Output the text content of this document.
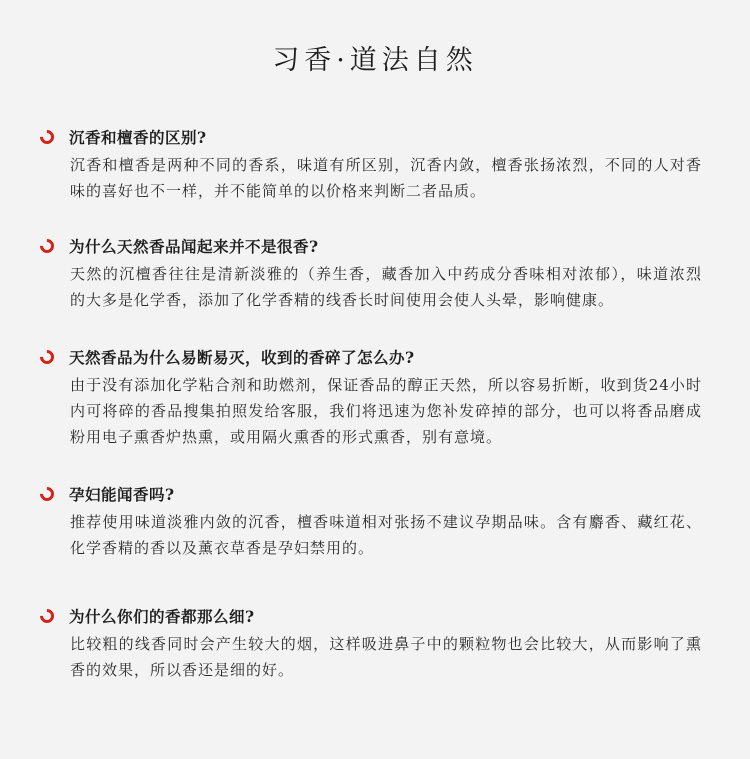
习香·道法自然
沉香和檀香的区别?
沉香和檀香是两种不同的香系，味道有所区别，沉香内敛，檀香张扬浓烈，不同的人对香味的喜好也不一样，并不能简单的以价格来判断二者品质。
为什么天然香品闻起来并不是很香?
天然的沉檀香往往是清新淡雅的（养生香，藏香加入中药成分香味相对浓郁），味道浓烈的大多是化学香，添加了化学香精的线香长时间使用会使人头晕，影响健康。
天然香品为什么易断易灭，收到的香碎了怎么办?
由于没有添加化学粘合剂和助燃剂，保证香品的醇正天然，所以容易折断，收到货24小时内可将碎的香品搜集拍照发给客服，我们将迅速为您补发碎掉的部分，也可以将香品磨成粉用电子熏香炉热熏，或用隔火熏香的形式熏香，别有意境。
孕妇能闻香吗?
推荐使用味道淡雅内敛的沉香，檀香味道相对张扬不建议孕期品味。含有麝香、藏红花、化学香精的香以及薰衣草香是孕妇禁用的。
为什么你们的香都那么细?
比较粗的线香同时会产生较大的烟，这样吸进鼻子中的颗粒物也会比较大，从而影响了熏香的效果，所以香还是细的好。
